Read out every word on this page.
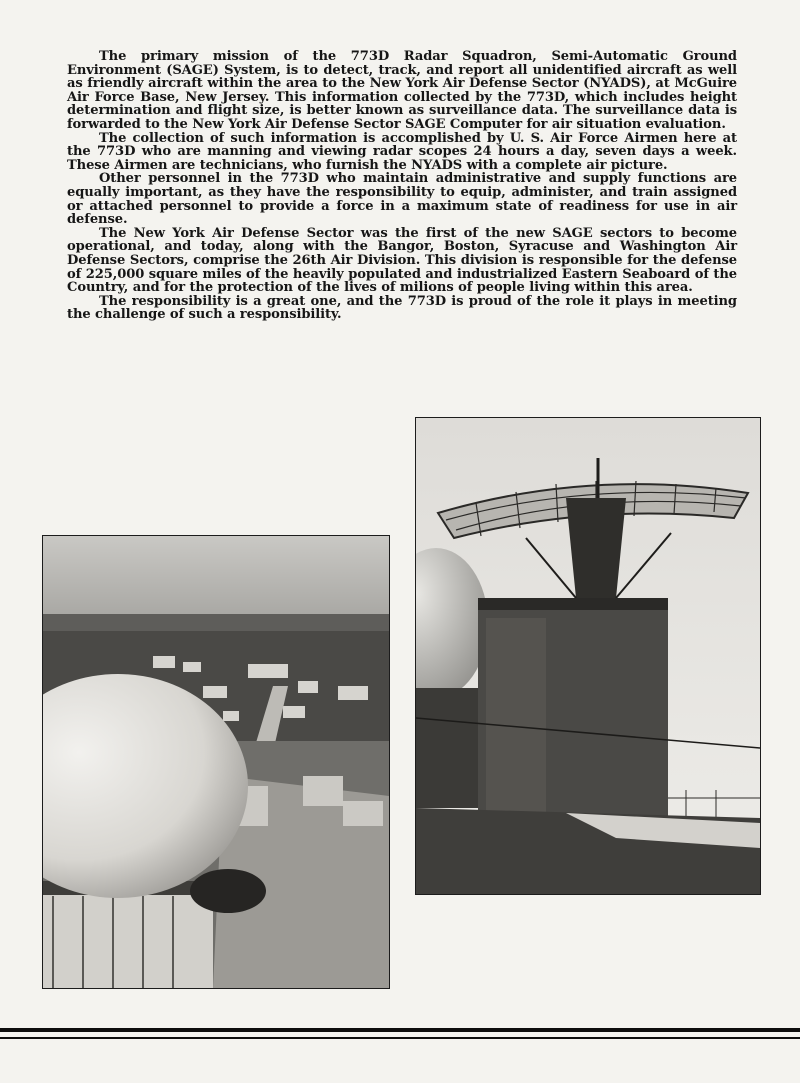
The primary mission of the 773D Radar Squadron, Semi-Automatic Ground Environment (SAGE) System, is to detect, track, and report all unidentified aircraft as well as friendly aircraft within the area to the New York Air Defense Sector (NYADS), at McGuire Air Force Base, New Jersey. This information collected by the 773D, which includes height determination and flight size, is better known as surveillance data. The surveillance data is forwarded to the New York Air Defense Sector SAGE Computer for air situation evaluation.

The collection of such information is accomplished by U. S. Air Force Airmen here at the 773D who are manning and viewing radar scopes 24 hours a day, seven days a week. These Airmen are technicians, who furnish the NYADS with a complete air picture.

Other personnel in the 773D who maintain administrative and supply functions are equally important, as they have the responsibility to equip, administer, and train assigned or attached personnel to provide a force in a maximum state of readiness for use in air defense.

The New York Air Defense Sector was the first of the new SAGE sectors to become operational, and today, along with the Bangor, Boston, Syracuse and Washington Air Defense Sectors, comprise the 26th Air Division. This division is responsible for the defense of 225,000 square miles of the heavily populated and industrialized Eastern Seaboard of the Country, and for the protection of the lives of milions of people living within this area.

The responsibility is a great one, and the 773D is proud of the role it plays in meeting the challenge of such a responsibility.
